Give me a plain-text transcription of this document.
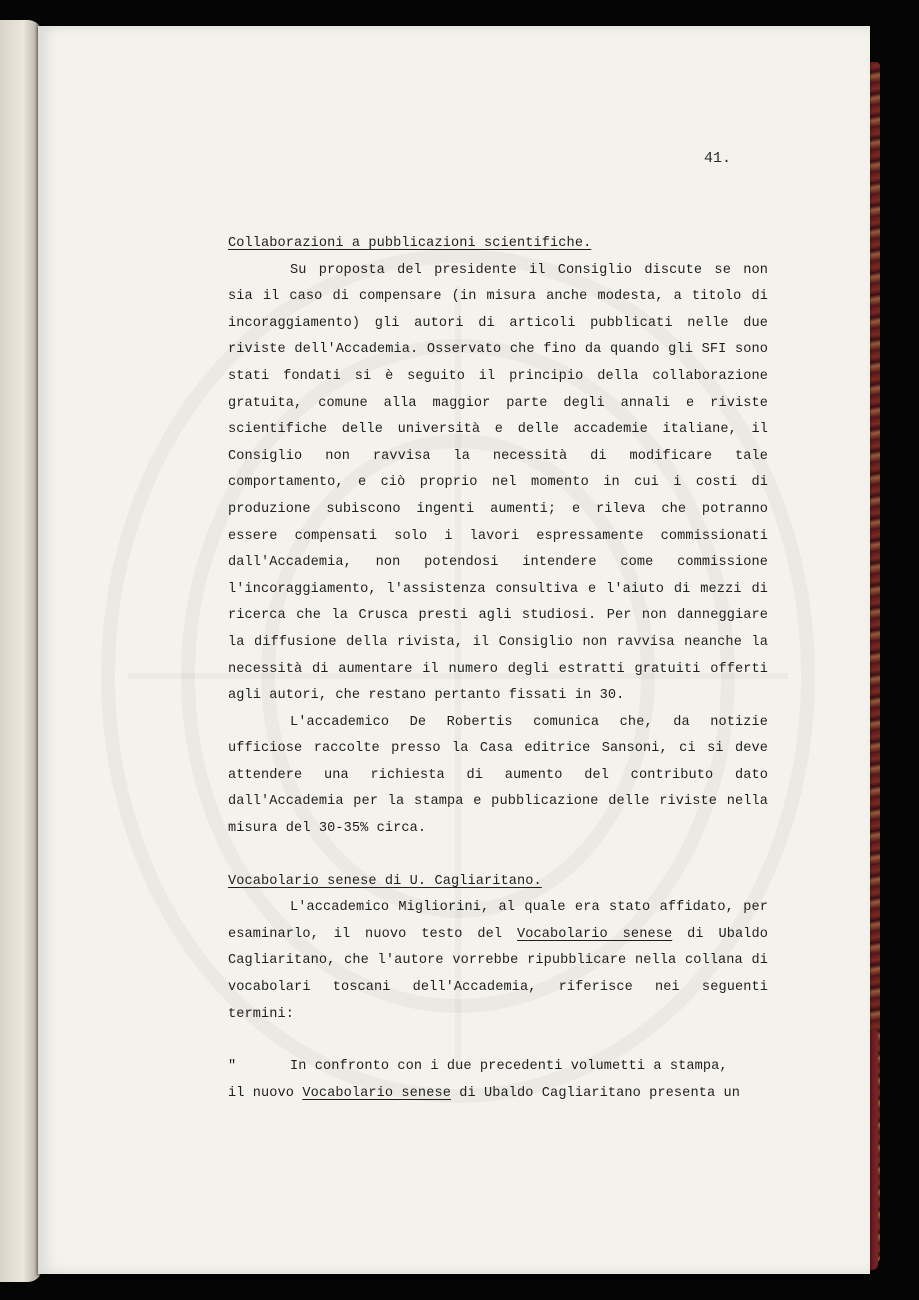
41.

Collaborazioni a pubblicazioni scientifiche.

Su proposta del presidente il Consiglio discute se non sia il caso di compensare (in misura anche modesta, a titolo di incoraggiamento) gli autori di articoli pubblicati nelle due riviste dell'Accademia. Osservato che fino da quando gli SFI sono stati fondati si è seguito il principio della collaborazione gratuita, comune alla maggior parte degli annali e riviste scientifiche delle università e delle accademie italiane, il Consiglio non ravvisa la necessità di modificare tale comportamento, e ciò proprio nel momento in cui i costi di produzione subiscono ingenti aumenti; e rileva che potranno essere compensati solo i lavori espressamente commissionati dall'Accademia, non potendosi intendere come commissione l'incoraggiamento, l'assistenza consultiva e l'aiuto di mezzi di ricerca che la Crusca presti agli studiosi. Per non danneggiare la diffusione della rivista, il Consiglio non ravvisa neanche la necessità di aumentare il numero degli estratti gratuiti offerti agli autori, che restano pertanto fissati in 30.

L'accademico De Robertis comunica che, da notizie ufficiose raccolte presso la Casa editrice Sansoni, ci si deve attendere una richiesta di aumento del contributo dato dall'Accademia per la stampa e pubblicazione delle riviste nella misura del 30-35% circa.

Vocabolario senese di U. Cagliaritano.

L'accademico Migliorini, al quale era stato affidato, per esaminarlo, il nuovo testo del Vocabolario senese di Ubaldo Cagliaritano, che l'autore vorrebbe ripubblicare nella collana di vocabolari toscani dell'Accademia, riferisce nei seguenti termini:

"	In confronto con i due precedenti volumetti a stampa,

il nuovo Vocabolario senese di Ubaldo Cagliaritano presenta un
